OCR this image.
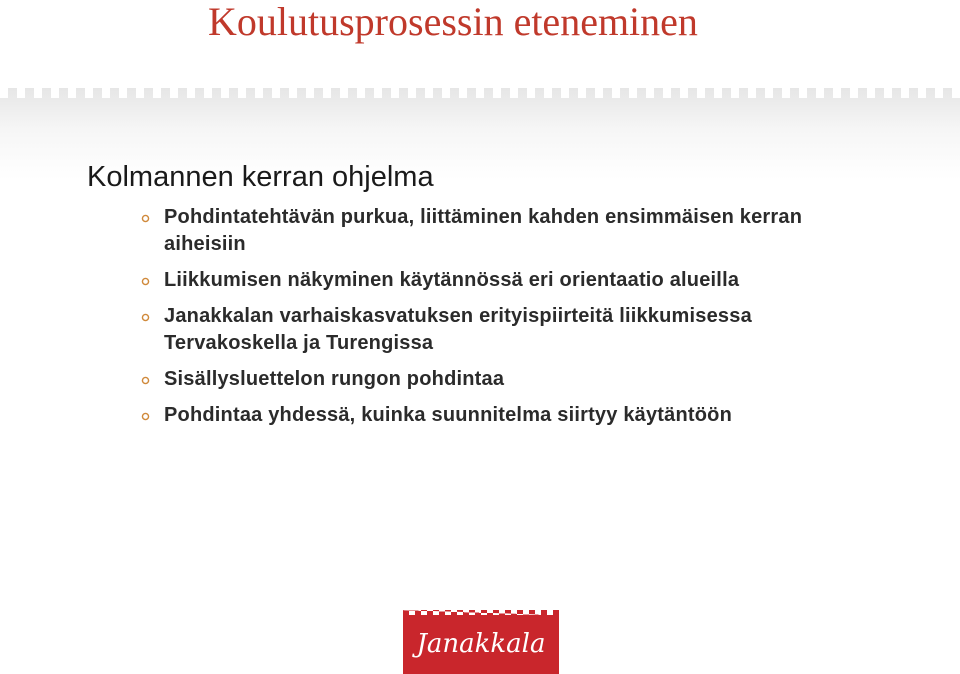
Koulutusprosessin eteneminen
Kolmannen kerran ohjelma
Pohdintatehtävän purkua, liittäminen kahden ensimmäisen kerran
aiheisiin
Liikkumisen näkyminen käytännössä eri orientaatio alueilla
Janakkalan varhaiskasvatuksen erityispiirteitä liikkumisessa
Tervakoskella ja Turengissa
Sisällysluettelon rungon pohdintaa
Pohdintaa yhdessä, kuinka suunnitelma siirtyy käytäntöön
Janakkala
